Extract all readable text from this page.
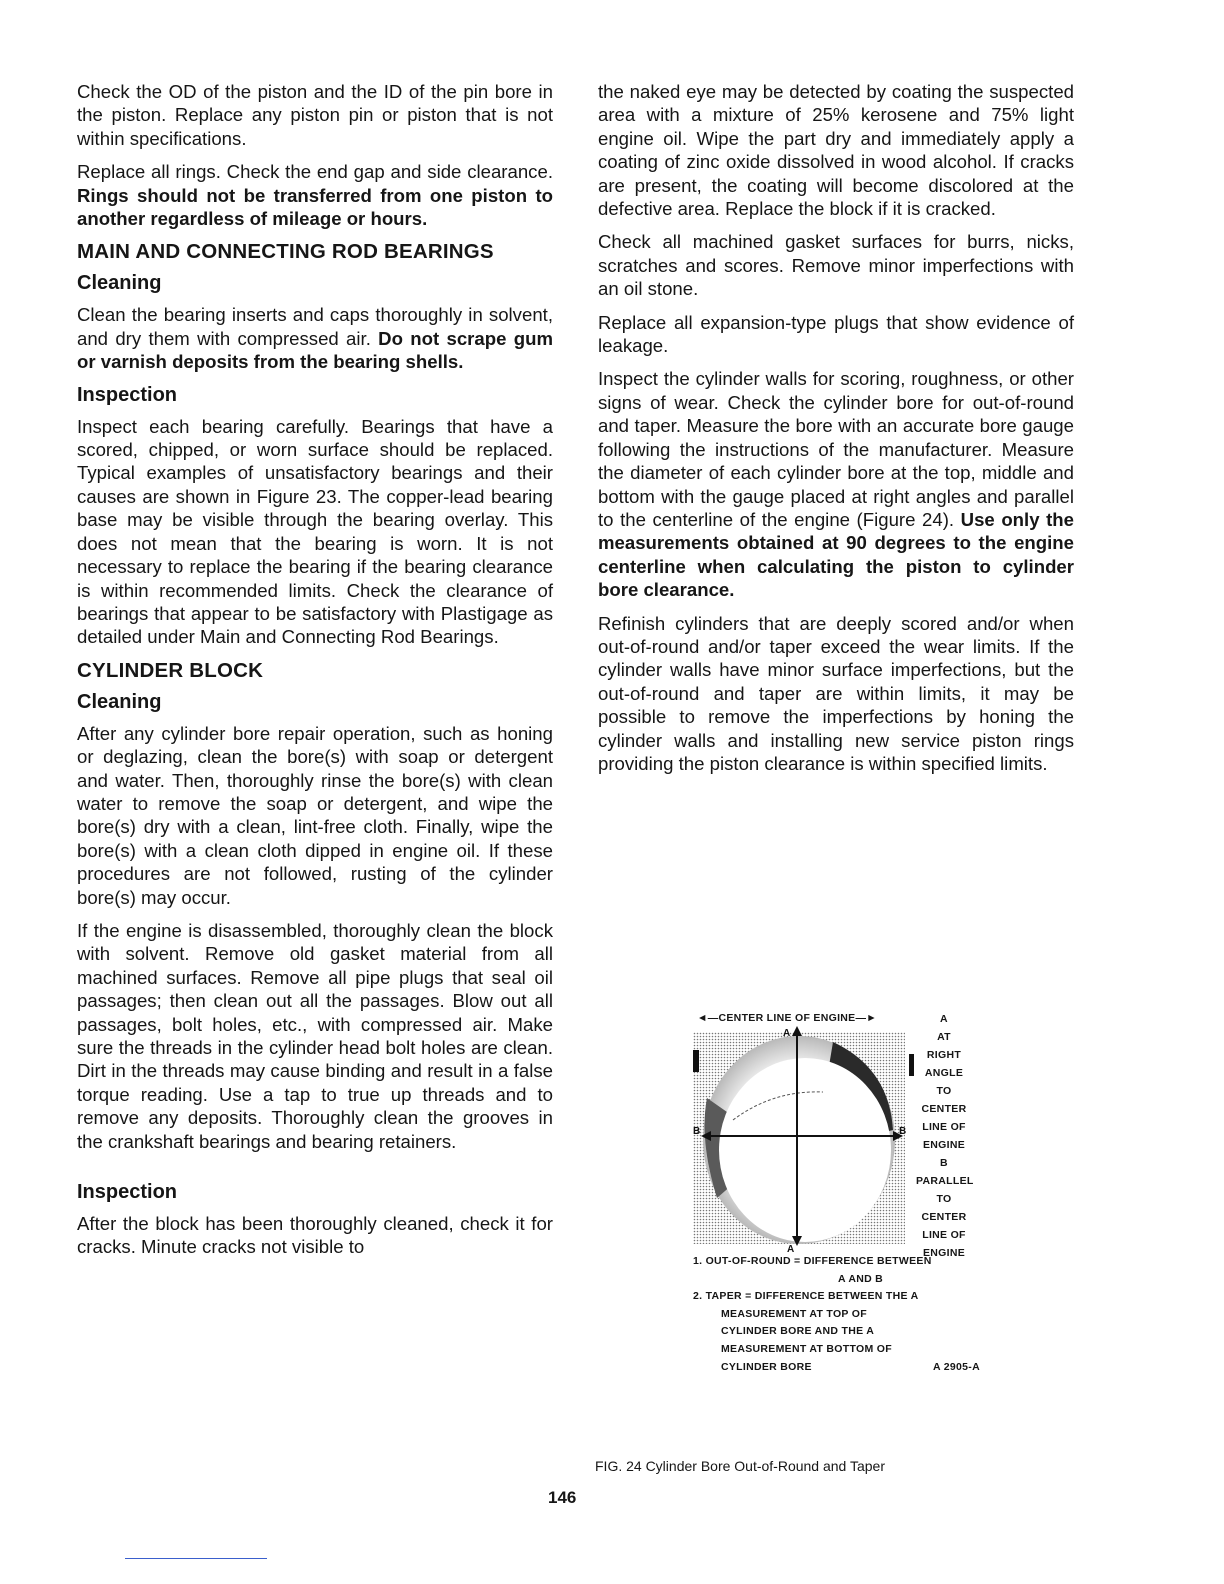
Check the OD of the piston and the ID of the pin bore in the piston. Replace any piston pin or piston that is not within specifications.

Replace all rings. Check the end gap and side clearance. Rings should not be transferred from one piston to another regardless of mileage or hours.

MAIN AND CONNECTING ROD BEARINGS
Cleaning

Clean the bearing inserts and caps thoroughly in solvent, and dry them with compressed air. Do not scrape gum or varnish deposits from the bearing shells.

Inspection

Inspect each bearing carefully. Bearings that have a scored, chipped, or worn surface should be replaced. Typical examples of unsatisfactory bearings and their causes are shown in Figure 23. The copper-lead bearing base may be visible through the bearing overlay. This does not mean that the bearing is worn. It is not necessary to replace the bearing if the bearing clearance is within recommended limits. Check the clearance of bearings that appear to be satisfactory with Plastigage as detailed under Main and Connecting Rod Bearings.

CYLINDER BLOCK
Cleaning

After any cylinder bore repair operation, such as honing or deglazing, clean the bore(s) with soap or detergent and water. Then, thoroughly rinse the bore(s) with clean water to remove the soap or detergent, and wipe the bore(s) dry with a clean, lint-free cloth. Finally, wipe the bore(s) with a clean cloth dipped in engine oil. If these procedures are not followed, rusting of the cylinder bore(s) may occur.

If the engine is disassembled, thoroughly clean the block with solvent. Remove old gasket material from all machined surfaces. Remove all pipe plugs that seal oil passages; then clean out all the passages. Blow out all passages, bolt holes, etc., with compressed air. Make sure the threads in the cylinder head bolt holes are clean. Dirt in the threads may cause binding and result in a false torque reading. Use a tap to true up threads and to remove any deposits. Thoroughly clean the grooves in the crankshaft bearings and bearing retainers.

Inspection

After the block has been thoroughly cleaned, check it for cracks. Minute cracks not visible to

the naked eye may be detected by coating the suspected area with a mixture of 25% kerosene and 75% light engine oil. Wipe the part dry and immediately apply a coating of zinc oxide dissolved in wood alcohol. If cracks are present, the coating will become discolored at the defective area. Replace the block if it is cracked.

Check all machined gasket surfaces for burrs, nicks, scratches and scores. Remove minor imperfections with an oil stone.

Replace all expansion-type plugs that show evidence of leakage.

Inspect the cylinder walls for scoring, roughness, or other signs of wear. Check the cylinder bore for out-of-round and taper. Measure the bore with an accurate bore gauge following the instructions of the manufacturer. Measure the diameter of each cylinder bore at the top, middle and bottom with the gauge placed at right angles and parallel to the centerline of the engine (Figure 24). Use only the measurements obtained at 90 degrees to the engine centerline when calculating the piston to cylinder bore clearance.

Refinish cylinders that are deeply scored and/or when out-of-round and/or taper exceed the wear limits. If the cylinder walls have minor surface imperfections, but the out-of-round and taper are within limits, it may be possible to remove the imperfections by honing the cylinder walls and installing new service piston rings providing the piston clearance is within specified limits.

◄—CENTER LINE OF ENGINE—►
A
A
B	B
A
AT
RIGHT
ANGLE
TO
CENTER
LINE OF
ENGINE
B
PARALLEL
TO
CENTER
LINE OF
ENGINE
1. OUT-OF-ROUND = DIFFERENCE BETWEEN
A AND B
2. TAPER = DIFFERENCE BETWEEN THE A
MEASUREMENT AT TOP OF
CYLINDER BORE AND THE A
MEASUREMENT AT BOTTOM OF
CYLINDER BORE	A 2905-A
FIG. 24 Cylinder Bore Out-of-Round and Taper
146
